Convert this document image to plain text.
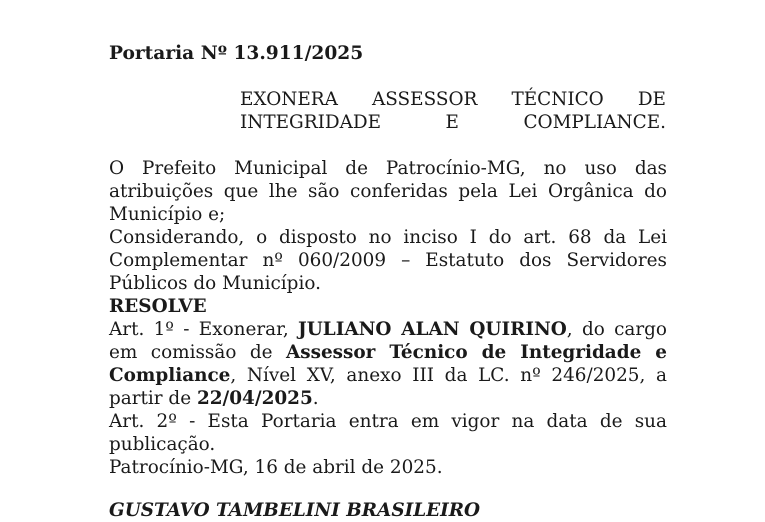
Portaria Nº 13.911/2025

EXONERA ASSESSOR TÉCNICO DE INTEGRIDADE E COMPLIANCE.

O Prefeito Municipal de Patrocínio-MG, no uso das atribuições que lhe são conferidas pela Lei Orgânica do Município e;

Considerando, o disposto no inciso I do art. 68 da Lei Complementar nº 060/2009 – Estatuto dos Servidores Públicos do Município.

RESOLVE

Art. 1º - Exonerar, JULIANO ALAN QUIRINO, do cargo em comissão de Assessor Técnico de Integridade e Compliance, Nível XV, anexo III da LC. nº 246/2025, a partir de 22/04/2025.

Art. 2º - Esta Portaria entra em vigor na data de sua publicação.

Patrocínio-MG, 16 de abril de 2025.

GUSTAVO TAMBELINI BRASILEIRO
